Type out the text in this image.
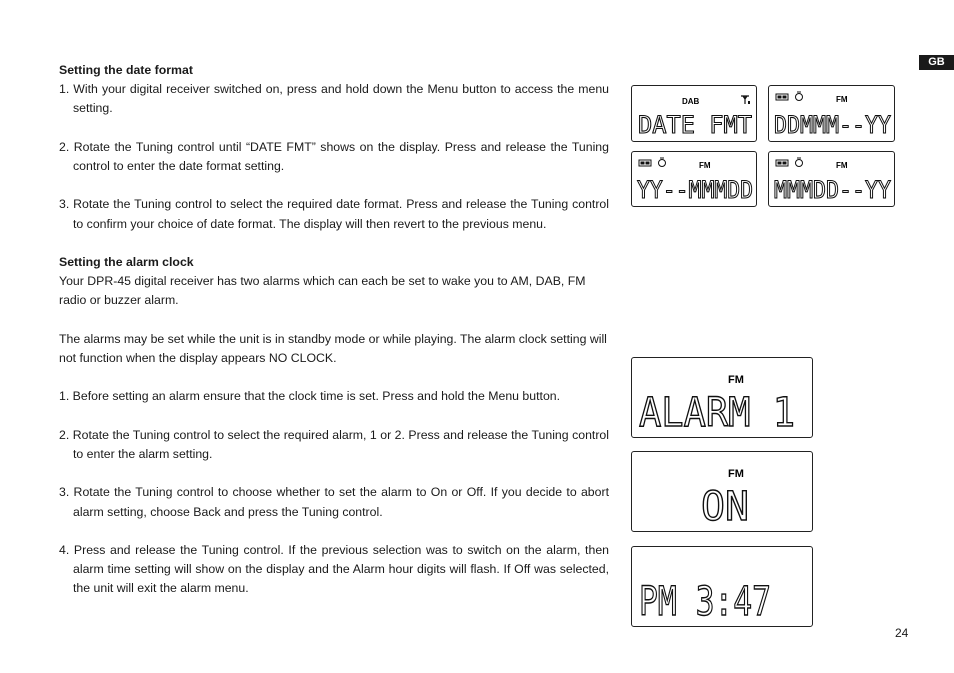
GB

Setting the date format

1. With your digital receiver switched on, press and hold down the Menu button to access the menu setting.

2. Rotate the Tuning control until “DATE FMT” shows on the display. Press and release the Tuning control to enter the date format setting.

3. Rotate the Tuning control to select the required date format. Press and release the Tuning control to confirm your choice of date format. The display will then revert to the previous menu.

Setting the alarm clock

Your DPR-45 digital receiver has two alarms which can each be set to wake you to AM, DAB, FM radio or buzzer alarm.

The alarms may be set while the unit is in standby mode or while playing. The alarm clock setting will not function when the display appears NO CLOCK.

1. Before setting an alarm ensure that the clock time is set. Press and hold the Menu button.

2. Rotate the Tuning control to select the required alarm, 1 or 2. Press and release the Tuning control to enter the alarm setting.

3. Rotate the Tuning control to choose whether to set the alarm to On or Off. If you decide to abort alarm setting, choose Back and press the Tuning control.

4. Press and release the Tuning control. If the previous selection was to switch on the alarm, then alarm time setting will show on the display and the Alarm hour digits will flash. If Off was selected, the unit will exit the alarm menu.

DAB
DATE FMT
FM
DDMMM--YY
FM
YY--MMMDD
FM
MMMDD--YY
FM
ALARM 1
FM
ON
PM 3:47
24
